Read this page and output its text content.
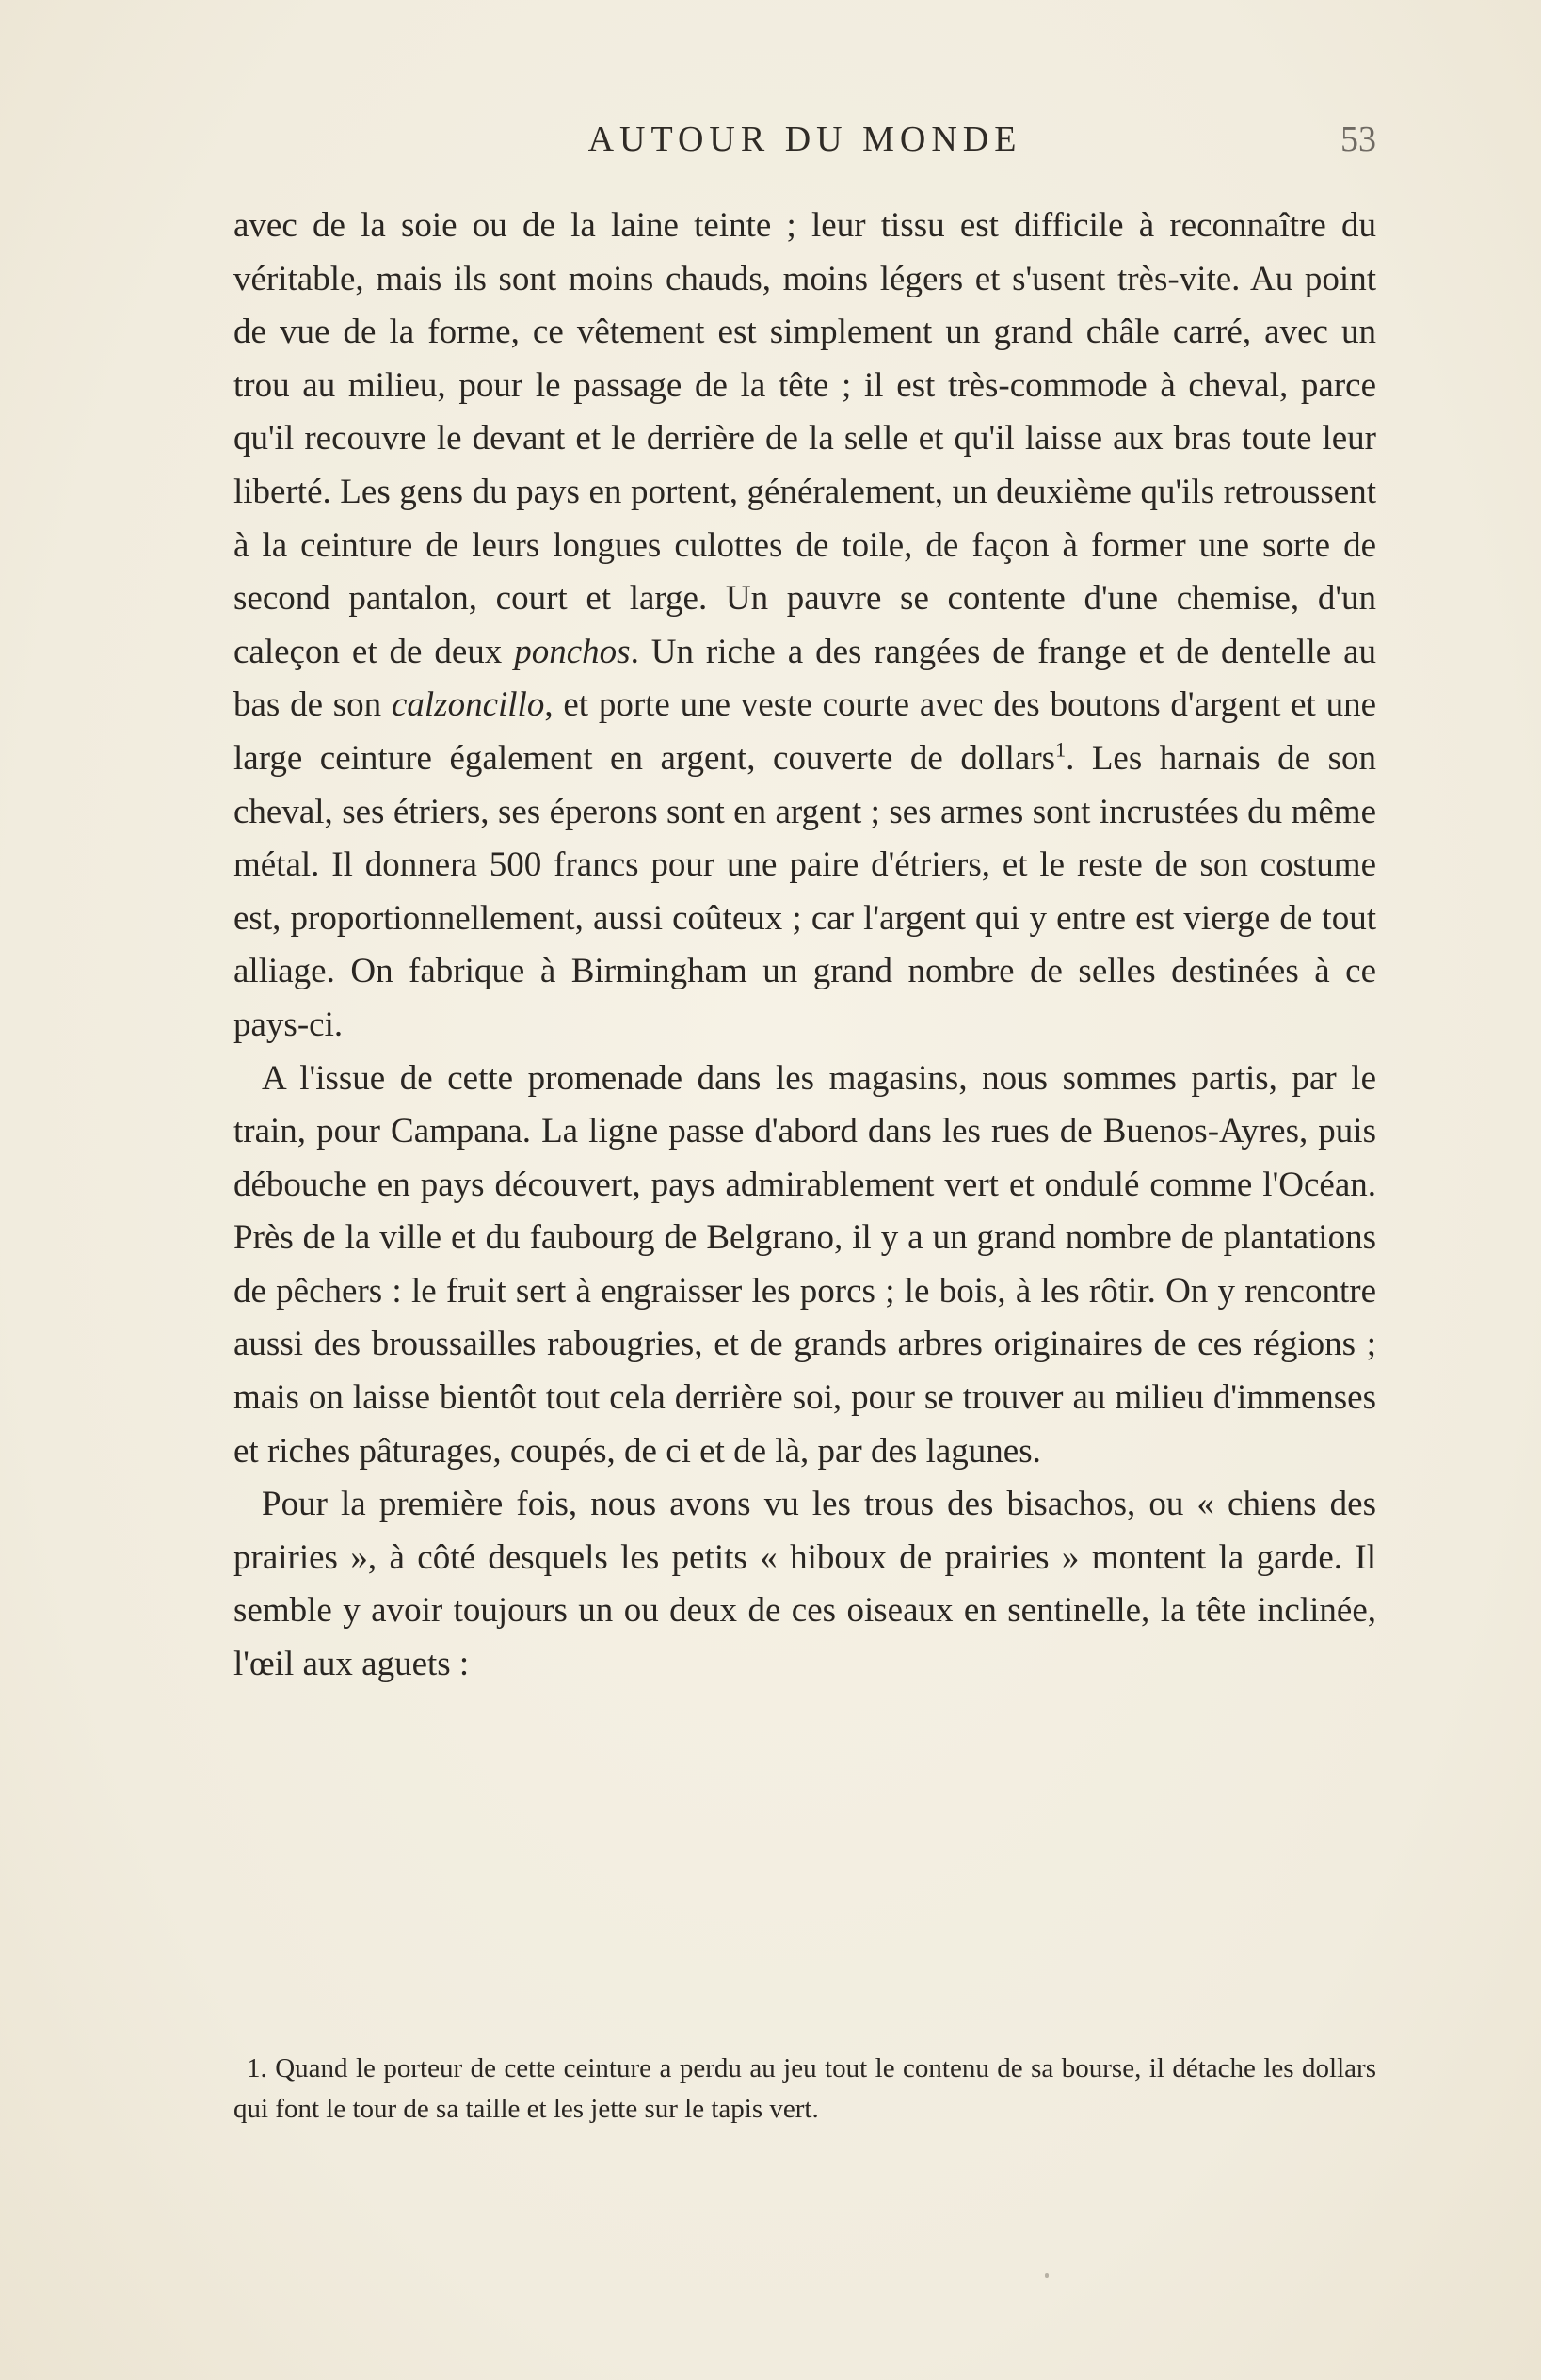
AUTOUR DU MONDE	53

avec de la soie ou de la laine teinte ; leur tissu est difficile à reconnaître du véritable, mais ils sont moins chauds, moins légers et s'usent très-vite. Au point de vue de la forme, ce vêtement est simplement un grand châle carré, avec un trou au milieu, pour le passage de la tête ; il est très-commode à cheval, parce qu'il recouvre le devant et le derrière de la selle et qu'il laisse aux bras toute leur liberté. Les gens du pays en portent, généralement, un deuxième qu'ils retroussent à la ceinture de leurs longues culottes de toile, de façon à former une sorte de second pantalon, court et large. Un pauvre se contente d'une chemise, d'un caleçon et de deux ponchos. Un riche a des rangées de frange et de dentelle au bas de son calzoncillo, et porte une veste courte avec des boutons d'argent et une large ceinture également en argent, couverte de dollars$^1$. Les harnais de son cheval, ses étriers, ses éperons sont en argent ; ses armes sont incrustées du même métal. Il donnera 500 francs pour une paire d'étriers, et le reste de son costume est, proportionnellement, aussi coûteux ; car l'argent qui y entre est vierge de tout alliage. On fabrique à Birmingham un grand nombre de selles destinées à ce pays-ci.

A l'issue de cette promenade dans les magasins, nous sommes partis, par le train, pour Campana. La ligne passe d'abord dans les rues de Buenos-Ayres, puis débouche en pays découvert, pays admirablement vert et ondulé comme l'Océan. Près de la ville et du faubourg de Belgrano, il y a un grand nombre de plantations de pêchers : le fruit sert à engraisser les porcs ; le bois, à les rôtir. On y rencontre aussi des broussailles rabougries, et de grands arbres originaires de ces régions ; mais on laisse bientôt tout cela derrière soi, pour se trouver au milieu d'immenses et riches pâturages, coupés, de ci et de là, par des lagunes.

Pour la première fois, nous avons vu les trous des bisachos, ou « chiens des prairies », à côté desquels les petits « hiboux de prairies » montent la garde. Il semble y avoir toujours un ou deux de ces oiseaux en sentinelle, la tête inclinée, l'œil aux aguets :

1. Quand le porteur de cette ceinture a perdu au jeu tout le contenu de sa bourse, il détache les dollars qui font le tour de sa taille et les jette sur le tapis vert.
